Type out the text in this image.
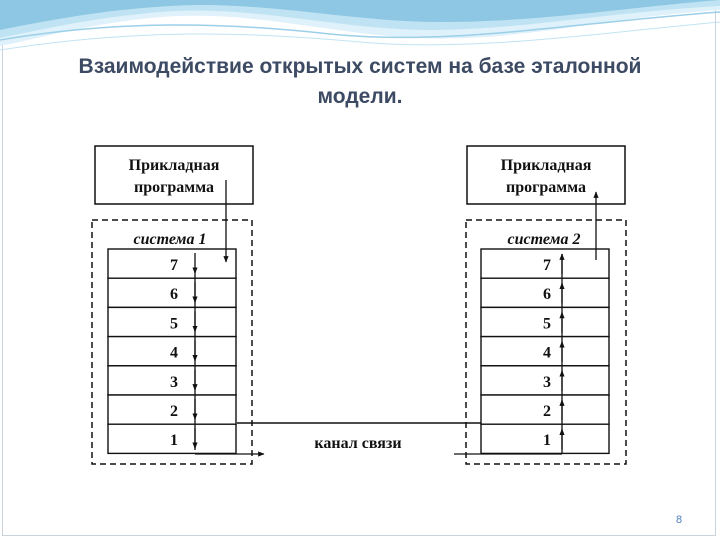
Взаимодействие открытых систем на базе эталонной модели.
Прикладная программа
Прикладная программа
система 1	система 2
7
6
5
4
3
2
1
7
6
5
4
3
2
1
канал связи
8
